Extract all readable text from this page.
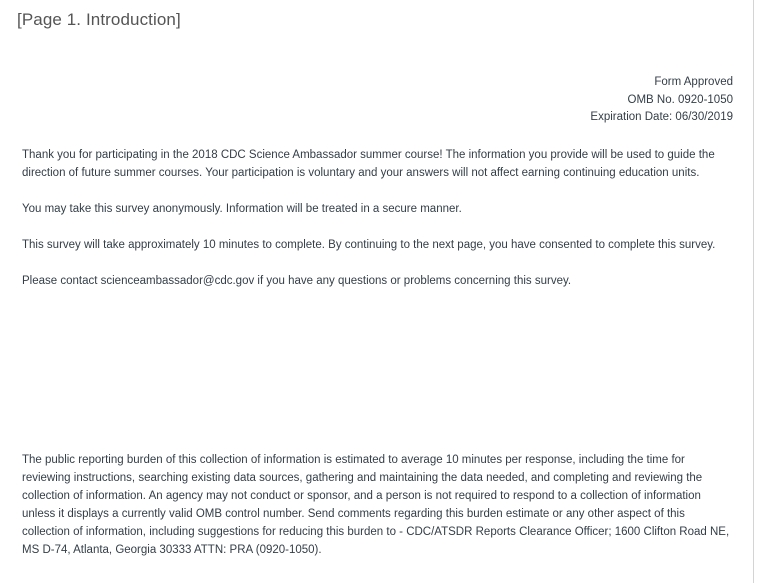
[Page 1. Introduction]
Form Approved
OMB No. 0920-1050
Expiration Date: 06/30/2019

Thank you for participating in the 2018 CDC Science Ambassador summer course! The information you provide will be used to guide the direction of future summer courses. Your participation is voluntary and your answers will not affect earning continuing education units.

You may take this survey anonymously. Information will be treated in a secure manner.

This survey will take approximately 10 minutes to complete. By continuing to the next page, you have consented to complete this survey.

Please contact scienceambassador@cdc.gov if you have any questions or problems concerning this survey.

The public reporting burden of this collection of information is estimated to average 10 minutes per response, including the time for reviewing instructions, searching existing data sources, gathering and maintaining the data needed, and completing and reviewing the collection of information. An agency may not conduct or sponsor, and a person is not required to respond to a collection of information unless it displays a currently valid OMB control number. Send comments regarding this burden estimate or any other aspect of this collection of information, including suggestions for reducing this burden to - CDC/ATSDR Reports Clearance Officer; 1600 Clifton Road NE, MS D-74, Atlanta, Georgia 30333 ATTN: PRA (0920-1050).
